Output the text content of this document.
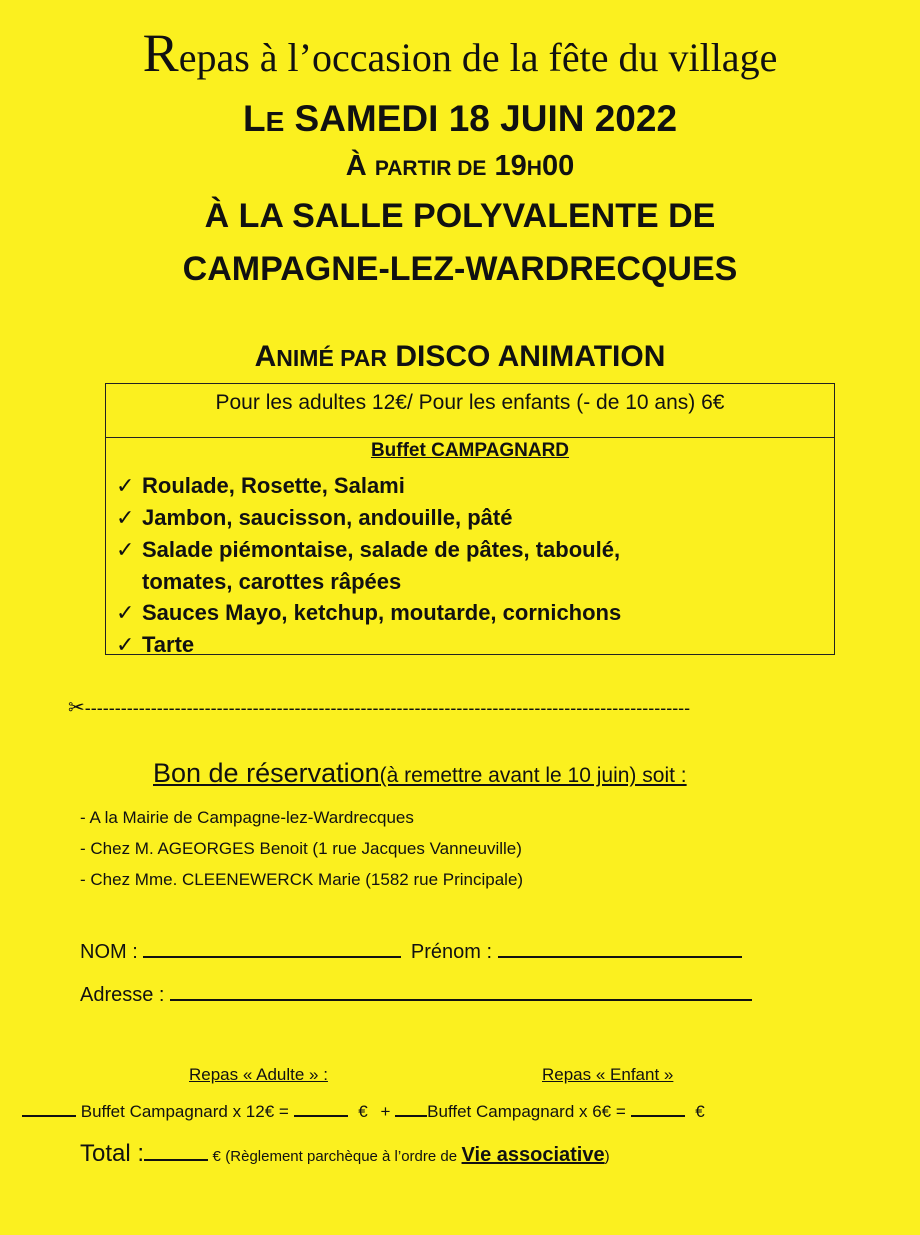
Repas à l’occasion de la fête du village
LE SAMEDI 18 JUIN 2022
À PARTIR DE 19H00
À LA SALLE POLYVALENTE DE
CAMPAGNE-LEZ-WARDRECQUES
ANIMÉ PAR DISCO ANIMATION
Pour les adultes 12€/ Pour les enfants (- de 10 ans) 6€
Buffet CAMPAGNARD
✓ Roulade, Rosette, Salami
✓ Jambon, saucisson, andouille, pâté
✓ Salade piémontaise, salade de pâtes, taboulé,
tomates, carottes râpées
✓ Sauces Mayo, ketchup, moutarde, cornichons
✓ Tarte
✂-----------------------------------------------------------------------------------------------------
Bon de réservation(à remettre avant le 10 juin) soit :
- A la Mairie de Campagne-lez-Wardrecques
- Chez M. AGEORGES Benoit (1 rue Jacques Vanneuville)
- Chez Mme. CLEENEWERCK Marie (1582 rue Principale)
NOM :	Prénom :
Adresse :
Repas « Adulte » :	Repas « Enfant »
Buffet Campagnard x 12€ =	€ + Buffet Campagnard x 6€ =	€
Total :	€ (Règlement parchèque à l’ordre de Vie associative)
